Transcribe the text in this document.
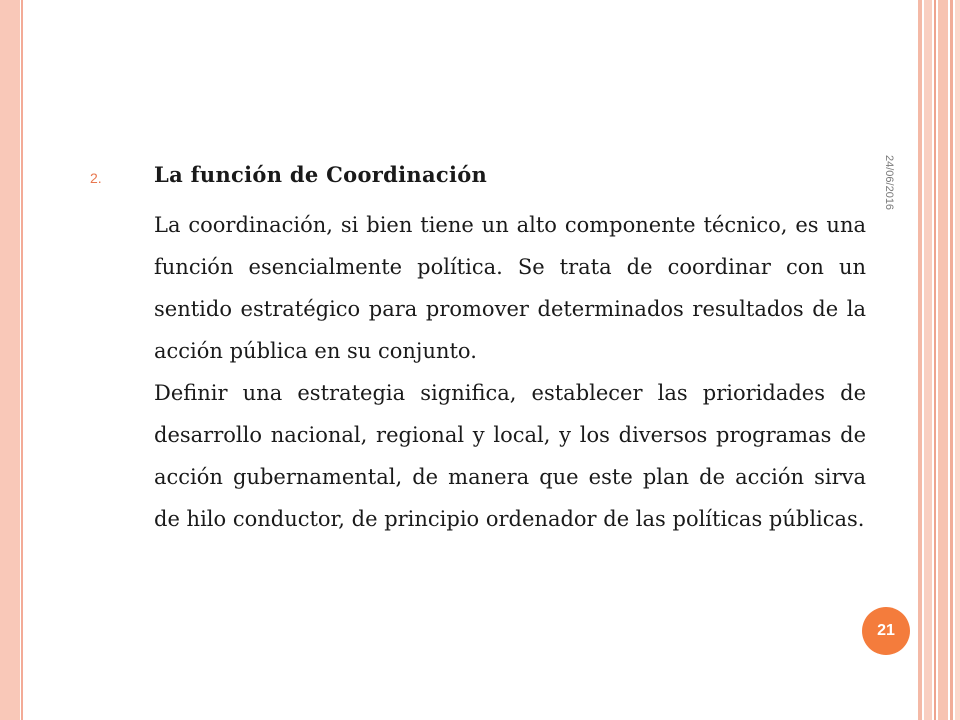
24/06/2016
2. La función de Coordinación

La coordinación, si bien tiene un alto componente técnico, es una función esencialmente política. Se trata de coordinar con un sentido estratégico para promover determinados resultados de la acción pública en su conjunto.

Definir una estrategia significa, establecer las prioridades de desarrollo nacional, regional y local, y los diversos programas de acción gubernamental, de manera que este plan de acción sirva de hilo conductor, de principio ordenador de las políticas públicas.

21
